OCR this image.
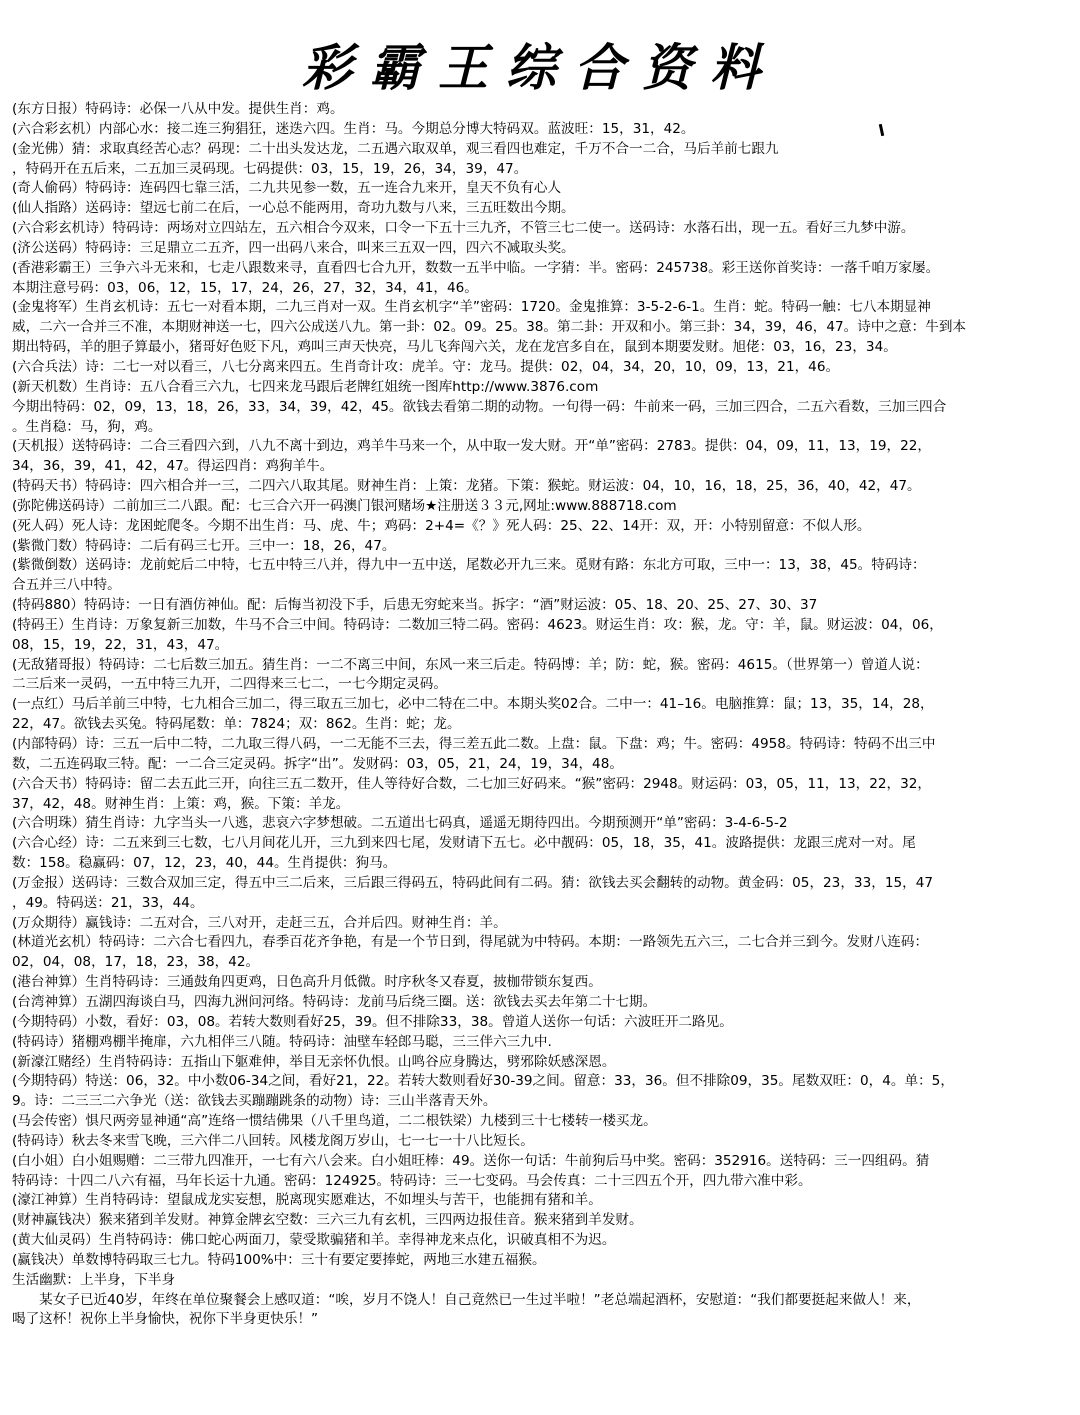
彩霸王综合资料

(东方日报）特码诗：必保一八从中发。提供生肖：鸡。

(六合彩玄机）内部心水：接二连三狗猖狂，迷迭六四。生肖：马。今期总分博大特码双。蓝波旺：15，31，42。

(金光佛）猜：求取真经苦心志？码现：二十出头发达龙，二五遇六取双单，观三看四也难定，千万不合一二合，马后羊前七跟九

，特码开在五后来，二五加三灵码现。七码提供：03，15，19，26，34，39，47。

(奇人偷码）特码诗：连码四七靠三活，二九共见参一数，五一连合九来开，皇天不负有心人

(仙人指路）送码诗：望远七前二在后，一心总不能两用，奇功九数与八来，三五旺数出今期。

(六合彩玄机诗）特码诗：两场对立四站左，五六相合今双来，口令一下五十三九齐，不管三七二使一。送码诗：水落石出，现一五。看好三九梦中游。

(济公送码）特码诗：三足鼎立二五齐，四一出码八来合，叫来三五双一四，四六不减取头奖。

(香港彩霸王）三争六斗无来和，七走八跟数来寻，直看四七合九开，数数一五半中临。一字猜：半。密码：245738。彩王送你首奖诗：一落千咱万家屡。

本期注意号码：03，06，12，15，17，24，26，27，32，34，41，46。

(金鬼将军）生肖玄机诗：五七一对看本期，二九三肖对一双。生肖玄机字“羊”密码：1720。金鬼推算：3-5-2-6-1。生肖：蛇。特码一触：七八本期显神

威，二六一合并三不准，本期财神送一七，四六公成送八九。第一卦：02。09。25。38。第二卦：开双和小。第三卦：34，39，46，47。诗中之意：牛到本

期出特码，羊的胆子算最小，猪哥好色贬下凡，鸡叫三声天快亮，马儿飞奔闯六关，龙在龙宫多自在，鼠到本期要发财。旭佬：03，16，23，34。

(六合兵法）诗：二七一对以看三，八七分离来四五。生肖奇计攻：虎羊。守：龙马。提供：02，04，34，20，10，09，13，21，46。

(新天机数）生肖诗：五八合看三六九，七四来龙马跟后老牌红姐统一图库http://www.3876.com

今期出特码：02，09，13，18，26，33，34，39，42，45。欲钱去看第二期的动物。一句得一码：牛前来一码，三加三四合，二五六看数，三加三四合

。生肖稳：马，狗，鸡。

(天机报）送特码诗：二合三看四六到，八九不离十到边，鸡羊牛马来一个，从中取一发大财。开“单”密码：2783。提供：04，09，11，13，19，22，

34，36，39，41，42，47。得运四肖：鸡狗羊牛。

(特码天书）特码诗：四六相合并一三，二四六八取其尾。财神生肖：上策：龙猪。下策：猴蛇。财运波：04，10，16，18，25，36，40，42，47。

(弥陀佛送码诗）二前加三二八跟。配：七三合六开一码澳门银河赌场★注册送３３元,网址:www.888718.com

(死人码）死人诗：龙困蛇爬冬。今期不出生肖：马、虎、牛；鸡码：2+4=《？》死人码：25、22、14开：双，开：小特别留意：不似人形。

(紫微门数）特码诗：二后有码三七开。三中一：18，26，47。

(紫微倒数）送码诗：龙前蛇后二中特，七五中特三八并，得九中一五中送，尾数必开九三来。觅财有路：东北方可取，三中一：13，38，45。特码诗：

合五并三八中特。

(特码880）特码诗：一日有酒仿神仙。配：后悔当初没下手，后患无穷蛇来当。拆字：“酒”财运波：05、18、20、25、27、30、37

(特码王）生肖诗：万象复新三加数，牛马不合三中间。特码诗：二数加三特二码。密码：4623。财运生肖：攻：猴，龙。守：羊，鼠。财运波：04，06，

08，15，19，22，31，43，47。

(无敌猪哥报）特码诗：二七后数三加五。猜生肖：一二不离三中间，东风一来三后走。特码博：羊；防：蛇，猴。密码：4615。（世界第一）曾道人说：

二三后来一灵码，一五中特三九开，二四得来三七二，一七今期定灵码。

(一点红）马后羊前三中特，七九相合三加二，得三取五三加七，必中二特在二中。本期头奖02合。二中一：41–16。电脑推算：鼠；13，35，14，28，

22，47。欲钱去买兔。特码尾数：单：7824；双：862。生肖：蛇；龙。

(内部特码）诗：三五一后中二特，二九取三得八码，一二无能不三去，得三差五此二数。上盘：鼠。下盘：鸡；牛。密码：4958。特码诗：特码不出三中

数，二五连码取三特。配：一二合三定灵码。拆字“出”。发财码：03，05，21，24，19，34，48。

(六合天书）特码诗：留二去五此三开，向往三五二数开，佳人等待好合数，二七加三好码来。“猴”密码：2948。财运码：03，05，11，13，22，32，

37，42，48。财神生肖：上策：鸡，猴。下策：羊龙。

(六合明珠）猜生肖诗：九字当头一八逃，悲哀六字梦想破。二五道出七码真，遥遥无期待四出。今期预测开“单”密码：3-4-6-5-2

(六合心经）诗：二五来到三七数，七八月间花儿开，三九到来四七尾，发财请下五七。必中靓码：05，18，35，41。波路提供：龙跟三虎对一对。尾

数：158。稳赢码：07，12，23，40，44。生肖提供：狗马。

(万金报）送码诗：三数合双加三定，得五中三二后来，三后跟三得码五，特码此间有二码。猜：欲钱去买会翻转的动物。黄金码：05，23，33，15，47

，49。特码送：21，33，44。

(万众期待）赢钱诗：二五对合，三八对开，走赶三五，合并后四。财神生肖：羊。

(林道光玄机）特码诗：二六合七看四九，春季百花齐争艳，有是一个节日到，得尾就为中特码。本期：一路领先五六三，二七合并三到今。发财八连码：

02，04，08，17，18，23，38，42。

(港台神算）生肖特码诗：三通鼓角四更鸡，日色高升月低微。时序秋冬又春夏，披枷带锁东复西。

(台湾神算）五湖四海谈白马，四海九洲问河络。特码诗：龙前马后绕三圈。送：欲钱去买去年第二十七期。

(今期特码）小数，看好：03，08。若转大数则看好25，39。但不排除33，38。曾道人送你一句话：六波旺开二路见。

(特码诗）猪棚鸡棚半掩扉，六九相伴三八随。特码诗：油壁车轻郎马聪，三三伴六三九中.

(新濠江赌经）生肖特码诗：五指山下躯难伸，举目无亲怀仇恨。山鸣谷应身腾达，劈邪除妖感深恩。

(今期特码）特送：06，32。中小数06-34之间，看好21，22。若转大数则看好30-39之间。留意：33，36。但不排除09，35。尾数双旺：0，4。单：5，

9。诗：二三三二六争光（送：欲钱去买蹦蹦跳条的动物）诗：三山半落青天外。

(马会传密）惧尺两旁显神通“高”连络一惯结佛果（八千里鸟道，二二根铁梁）九楼到三十七楼转一楼买龙。

(特码诗）秋去冬来雪飞晚，三六伴二八回转。风楼龙阁万岁山，七一七一十八比短长。

(白小姐）白小姐赐赠：二三带九四准开，一七有六八会来。白小姐旺棒：49。送你一句话：牛前狗后马中奖。密码：352916。送特码：三一四组码。猜

特码诗：十四二八六有福，马年长运十九通。密码：124925。特码诗：三一七变码。马会传真：二十三四五个开，四九带六准中彩。

(濠江神算）生肖特码诗：望鼠成龙实妄想，脱离现实愿难达，不如埋头与苦干，也能拥有猪和羊。

(财神赢钱决）猴来猪到羊发财。神算金牌玄空数：三六三九有玄机，三四两边报佳音。猴来猪到羊发财。

(黄大仙灵码）生肖特码诗：佛口蛇心两面刀，蒙受欺骗猪和羊。幸得神龙来点化，识破真相不为迟。

(赢钱决）单数博特码取三七九。特码100%中：三十有要定要捧蛇，两地三水建五福猴。

生活幽默：上半身，下半身

　　某女子已近40岁，年终在单位聚餐会上感叹道：“唉，岁月不饶人！自己竟然已一生过半啦！”老总端起酒杯，安慰道：“我们都要挺起来做人！来，

喝了这杯！祝你上半身愉快，祝你下半身更快乐！”
